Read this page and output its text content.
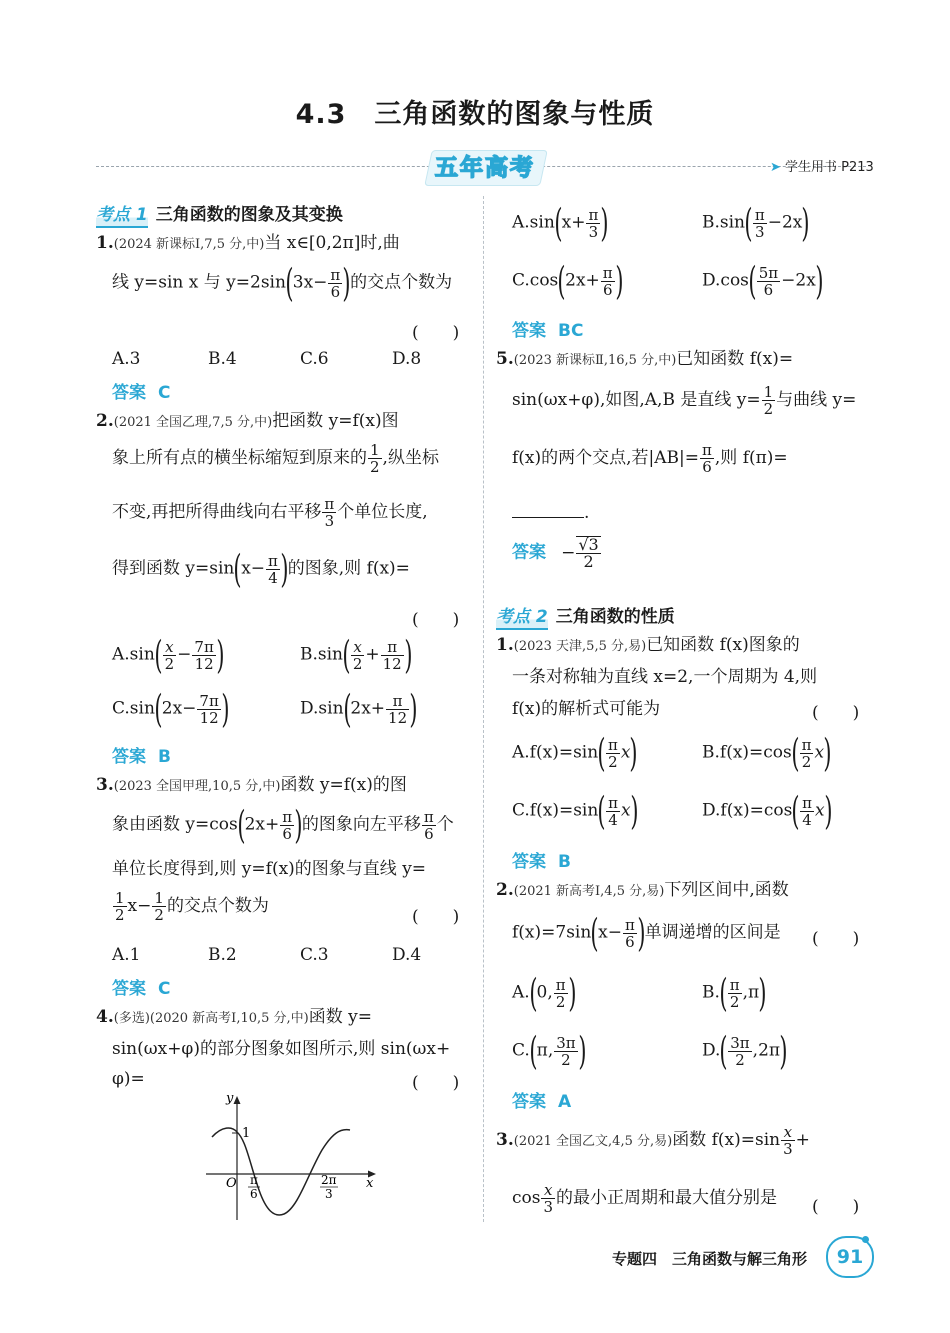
4.3　三角函数的图象与性质
五年高考	➤ 学生用书 P213
考点 1 三角函数的图象及其变换
1.(2024 新课标Ⅰ,7,5 分,中)当 x∈[0,2π]时,曲
线 y=sin x 与 $y=2\sin(3x- \frac{\pi}{6}$ )的交点个数为
(　　)
A.3	B.4	C.6	D.8
答案 C
2.(2021 全国乙理,7,5 分,中)把函数 y=f(x)图
象上所有点的横坐标缩短到原来的 $\frac{1}{2}$ ,纵坐标
不变,再把所得曲线向右平移 $\frac{\pi}{3}$ 个单位长度,
得到函数 $y=\sin(x- \frac{\pi}{4}$ )的图象,则 f(x)=
(　　)
$A.\sin( \frac{x}{2} - \frac{7\pi}{12}$ )	$B.\sin( \frac{x}{2} + \frac{\pi}{12}$ )
$C.\sin(2x- \frac{7\pi}{12}$ )	$D.\sin(2x+ \frac{\pi}{12}$ )
答案 B
3.(2023 全国甲理,10,5 分,中)函数 y=f(x)的图
象由函数 $y=\cos(2x+ \frac{\pi}{6}$ )的图象向左平移 $\frac{\pi}{6}$ 个
单位长度得到,则 y=f(x)的图象与直线 y=
$\frac{1}{2} x- \frac{1}{2}$ 的交点个数为
(　　)
A.1	B.2	C.3	D.4
答案 C
4.(多选)(2020 新高考Ⅰ,10,5 分,中)函数 y=
sin(ωx+φ)的部分图象如图所示,则 sin(ωx+
φ)=	(　　)
y
x
1
O π
6
2π
3
$A.\sin(x+ \frac{\pi}{3}$ )	$B.\sin( \frac{\pi}{3} -2x)$
$C.\cos(2x+ \frac{\pi}{6}$ )	$D.\cos( \frac{5\pi}{6} -2x)$
答案 BC
5.(2023 新课标Ⅱ,16,5 分,中)已知函数 f(x)=
sin(ωx+φ),如图,A,B 是直线 $y= \frac{1}{2}$ 与曲线 y=
f(x)的两个交点,若$|AB|= \frac{\pi}{6}$ ,则 f(π)=
.
答案 − $\frac{√3}{2}$
考点 2 三角函数的性质
1.(2023 天津,5,5 分,易)已知函数 f(x)图象的
一条对称轴为直线 x=2,一个周期为 4,则
f(x)的解析式可能为	(　　)
$A.f(x)=\sin( \frac{\pi}{2} x)$	$B.f(x)=\cos( \frac{\pi}{2} x)$
$C.f(x)=\sin( \frac{\pi}{4} x)$	$D.f(x)=\cos( \frac{\pi}{4} x)$
答案 B
2.(2021 新高考Ⅰ,4,5 分,易)下列区间中,函数
$f(x)=7\sin(x- \frac{\pi}{6}$ )单调递增的区间是 (　　)
A.(0, $\frac{\pi}{2}$ )	$B.( \frac{\pi}{2} ,\pi)$
C.(π, $\frac{3\pi}{2}$ )	$D.( \frac{3\pi}{2} ,2\pi)$
答案 A
3.(2021 全国乙文,4,5 分,易)函数 $f(x)=\sin \frac{x}{3}$ +
$\cos \frac{x}{3}$ 的最小正周期和最大值分别是 (　　)
专题四　三角函数与解三角形	91
